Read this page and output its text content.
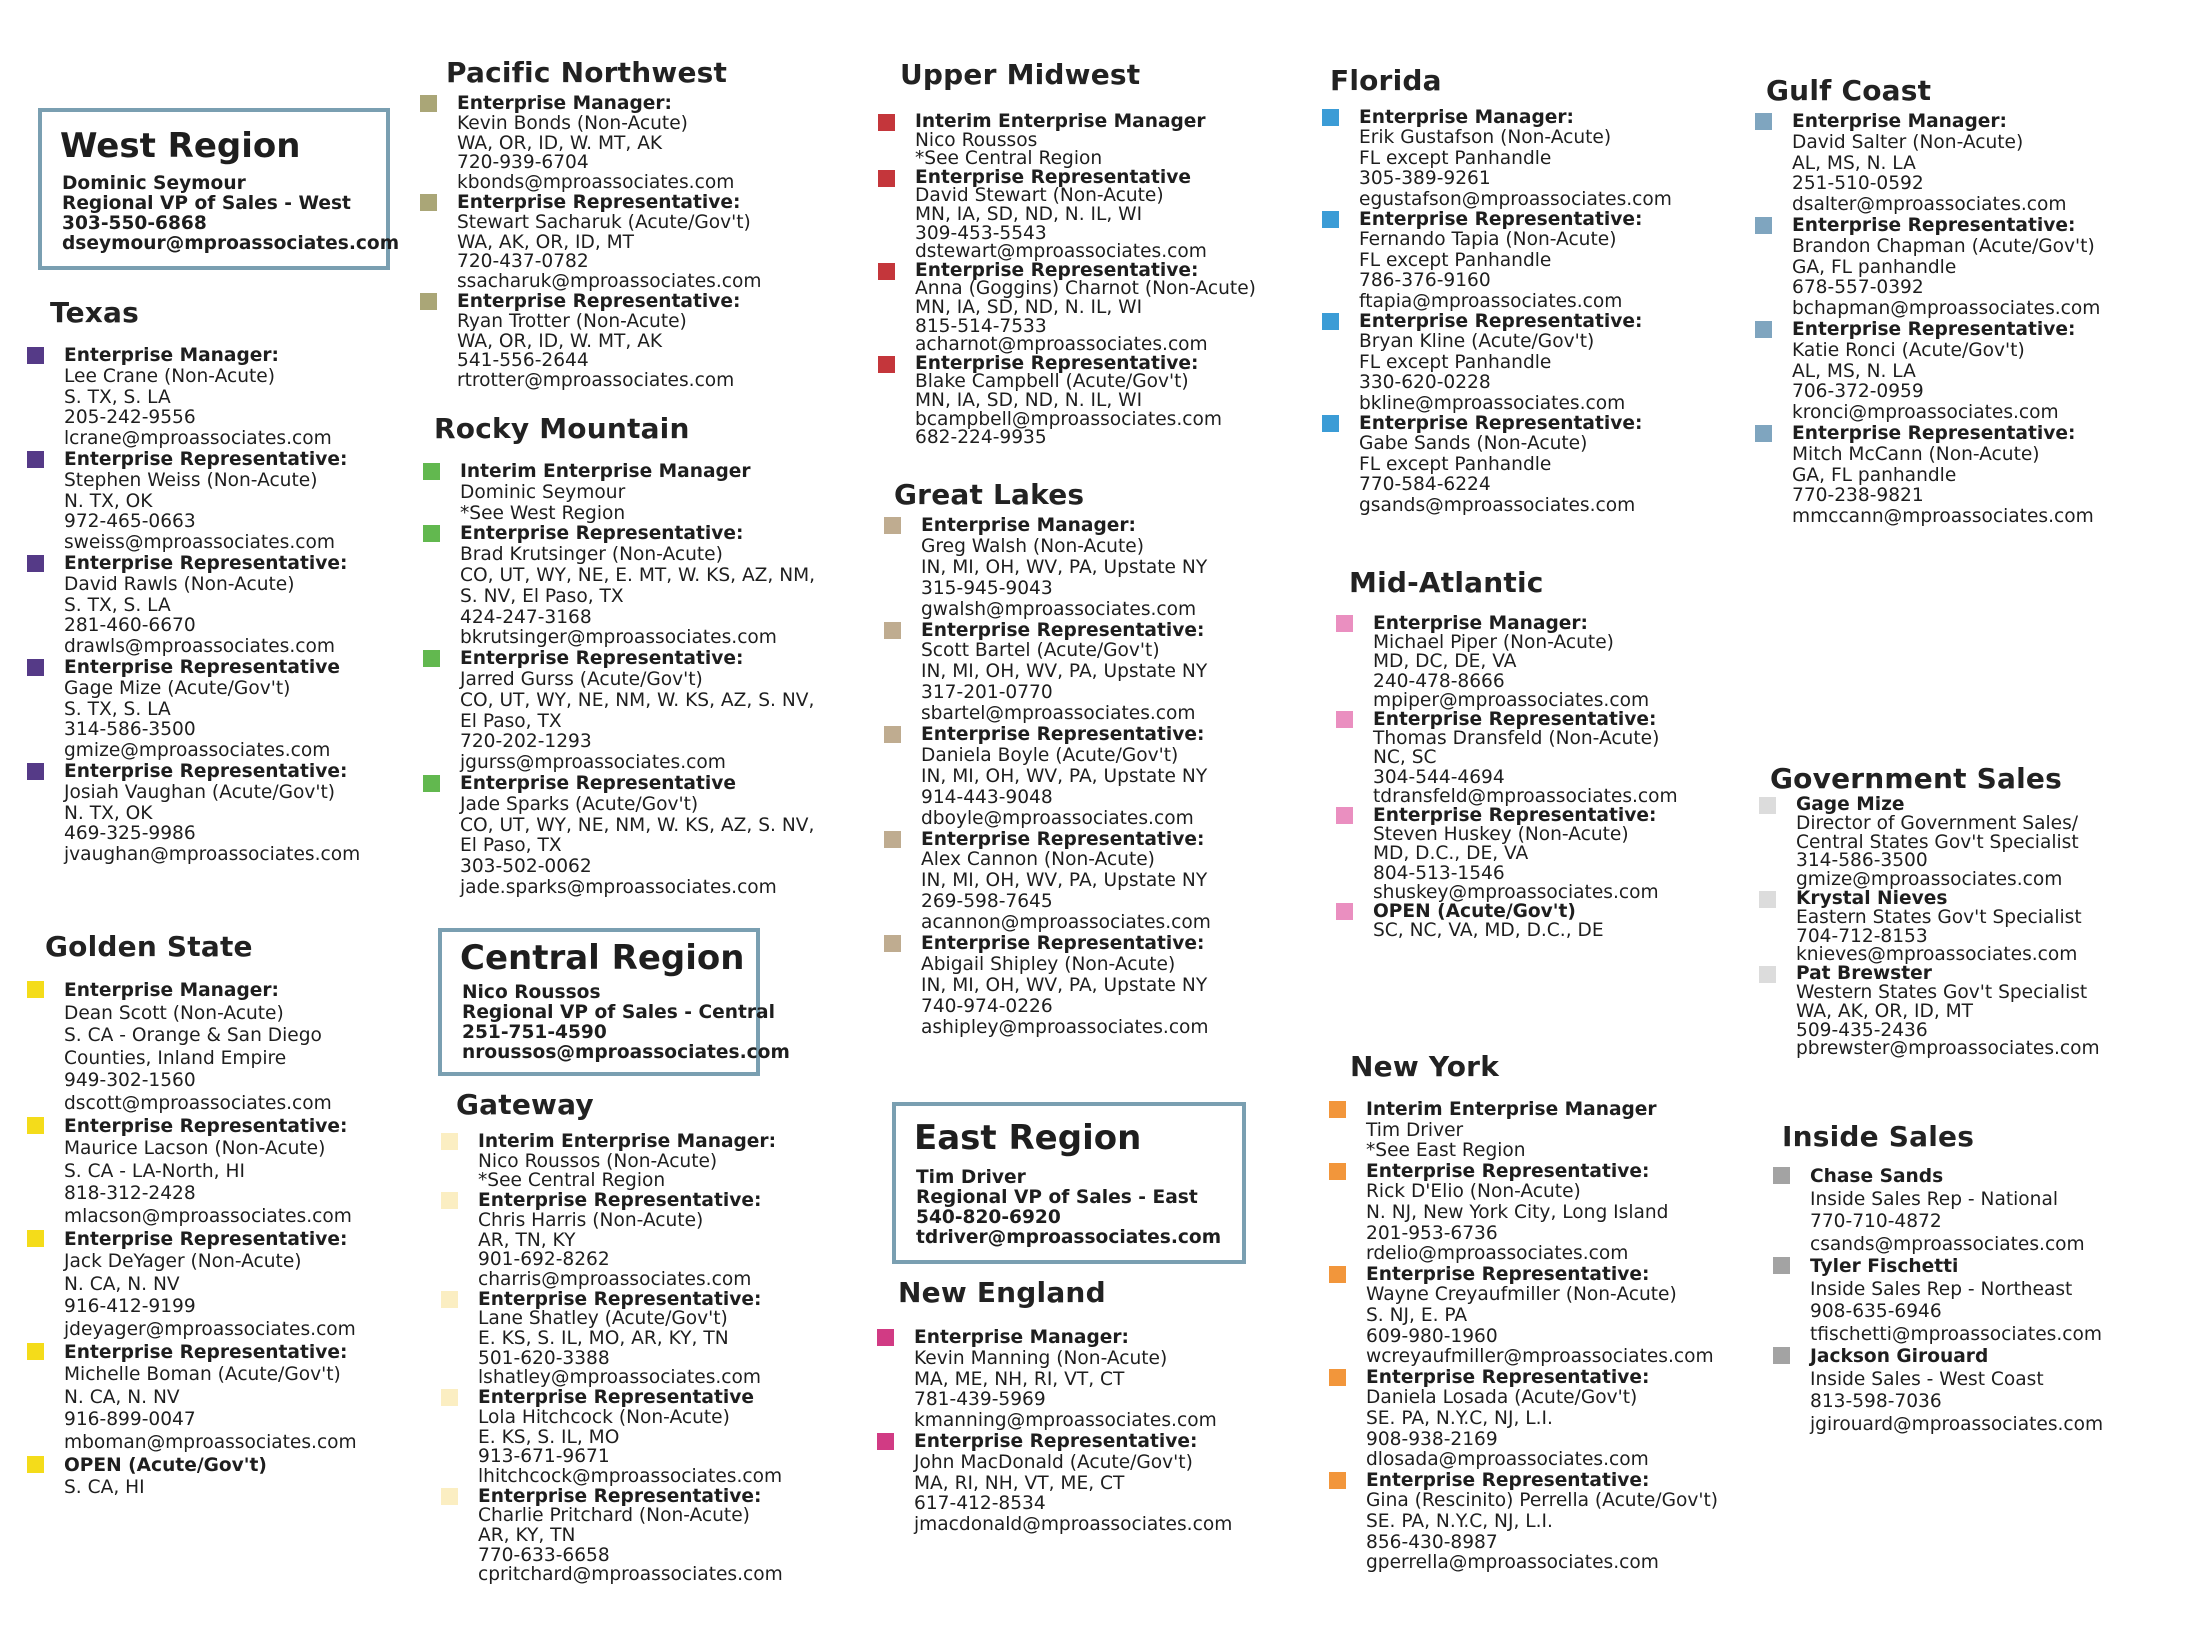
West Region
Dominic Seymour
Regional VP of Sales - West
303-550-6868
dseymour@mproassociates.com
Central Region
Nico Roussos
Regional VP of Sales - Central
251-751-4590
nroussos@mproassociates.com
East Region
Tim Driver
Regional VP of Sales - East
540-820-6920
tdriver@mproassociates.com
Texas
Enterprise Manager:
Lee Crane (Non-Acute)
S. TX, S. LA
205-242-9556
lcrane@mproassociates.com
Enterprise Representative:
Stephen Weiss (Non-Acute)
N. TX, OK
972-465-0663
sweiss@mproassociates.com
Enterprise Representative:
David Rawls (Non-Acute)
S. TX, S. LA
281-460-6670
drawls@mproassociates.com
Enterprise Representative
Gage Mize (Acute/Gov't)
S. TX, S. LA
314-586-3500
gmize@mproassociates.com
Enterprise Representative:
Josiah Vaughan (Acute/Gov't)
N. TX, OK
469-325-9986
jvaughan@mproassociates.com
Golden State
Enterprise Manager:
Dean Scott (Non-Acute)
S. CA - Orange & San Diego
Counties, Inland Empire
949-302-1560
dscott@mproassociates.com
Enterprise Representative:
Maurice Lacson (Non-Acute)
S. CA - LA-North, HI
818-312-2428
mlacson@mproassociates.com
Enterprise Representative:
Jack DeYager (Non-Acute)
N. CA, N. NV
916-412-9199
jdeyager@mproassociates.com
Enterprise Representative:
Michelle Boman (Acute/Gov't)
N. CA, N. NV
916-899-0047
mboman@mproassociates.com
OPEN (Acute/Gov't)
S. CA, HI
Pacific Northwest
Enterprise Manager:
Kevin Bonds (Non-Acute)
WA, OR, ID, W. MT, AK
720-939-6704
kbonds@mproassociates.com
Enterprise Representative:
Stewart Sacharuk (Acute/Gov't)
WA, AK, OR, ID, MT
720-437-0782
ssacharuk@mproassociates.com
Enterprise Representative:
Ryan Trotter (Non-Acute)
WA, OR, ID, W. MT, AK
541-556-2644
rtrotter@mproassociates.com
Rocky Mountain
Interim Enterprise Manager
Dominic Seymour
*See West Region
Enterprise Representative:
Brad Krutsinger (Non-Acute)
CO, UT, WY, NE, E. MT, W. KS, AZ, NM,
S. NV, El Paso, TX
424-247-3168
bkrutsinger@mproassociates.com
Enterprise Representative:
Jarred Gurss (Acute/Gov't)
CO, UT, WY, NE, NM, W. KS, AZ, S. NV,
El Paso, TX
720-202-1293
jgurss@mproassociates.com
Enterprise Representative
Jade Sparks (Acute/Gov't)
CO, UT, WY, NE, NM, W. KS, AZ, S. NV,
El Paso, TX
303-502-0062
jade.sparks@mproassociates.com
Gateway
Interim Enterprise Manager:
Nico Roussos (Non-Acute)
*See Central Region
Enterprise Representative:
Chris Harris (Non-Acute)
AR, TN, KY
901-692-8262
charris@mproassociates.com
Enterprise Representative:
Lane Shatley (Acute/Gov't)
E. KS, S. IL, MO, AR, KY, TN
501-620-3388
lshatley@mproassociates.com
Enterprise Representative
Lola Hitchcock (Non-Acute)
E. KS, S. IL, MO
913-671-9671
lhitchcock@mproassociates.com
Enterprise Representative:
Charlie Pritchard (Non-Acute)
AR, KY, TN
770-633-6658
cpritchard@mproassociates.com
Upper Midwest
Interim Enterprise Manager
Nico Roussos
*See Central Region
Enterprise Representative
David Stewart (Non-Acute)
MN, IA, SD, ND, N. IL, WI
309-453-5543
dstewart@mproassociates.com
Enterprise Representative:
Anna (Goggins) Charnot (Non-Acute)
MN, IA, SD, ND, N. IL, WI
815-514-7533
acharnot@mproassociates.com
Enterprise Representative:
Blake Campbell (Acute/Gov't)
MN, IA, SD, ND, N. IL, WI
bcampbell@mproassociates.com
682-224-9935
Great Lakes
Enterprise Manager:
Greg Walsh (Non-Acute)
IN, MI, OH, WV, PA, Upstate NY
315-945-9043
gwalsh@mproassociates.com
Enterprise Representative:
Scott Bartel (Acute/Gov't)
IN, MI, OH, WV, PA, Upstate NY
317-201-0770
sbartel@mproassociates.com
Enterprise Representative:
Daniela Boyle (Acute/Gov't)
IN, MI, OH, WV, PA, Upstate NY
914-443-9048
dboyle@mproassociates.com
Enterprise Representative:
Alex Cannon (Non-Acute)
IN, MI, OH, WV, PA, Upstate NY
269-598-7645
acannon@mproassociates.com
Enterprise Representative:
Abigail Shipley (Non-Acute)
IN, MI, OH, WV, PA, Upstate NY
740-974-0226
ashipley@mproassociates.com
New England
Enterprise Manager:
Kevin Manning (Non-Acute)
MA, ME, NH, RI, VT, CT
781-439-5969
kmanning@mproassociates.com
Enterprise Representative:
John MacDonald (Acute/Gov't)
MA, RI, NH, VT, ME, CT
617-412-8534
jmacdonald@mproassociates.com
Florida
Enterprise Manager:
Erik Gustafson (Non-Acute)
FL except Panhandle
305-389-9261
egustafson@mproassociates.com
Enterprise Representative:
Fernando Tapia (Non-Acute)
FL except Panhandle
786-376-9160
ftapia@mproassociates.com
Enterprise Representative:
Bryan Kline (Acute/Gov't)
FL except Panhandle
330-620-0228
bkline@mproassociates.com
Enterprise Representative:
Gabe Sands (Non-Acute)
FL except Panhandle
770-584-6224
gsands@mproassociates.com
Mid-Atlantic
Enterprise Manager:
Michael Piper (Non-Acute)
MD, DC, DE, VA
240-478-8666
mpiper@mproassociates.com
Enterprise Representative:
Thomas Dransfeld (Non-Acute)
NC, SC
304-544-4694
tdransfeld@mproassociates.com
Enterprise Representative:
Steven Huskey (Non-Acute)
MD, D.C., DE, VA
804-513-1546
shuskey@mproassociates.com
OPEN (Acute/Gov't)
SC, NC, VA, MD, D.C., DE
New York
Interim Enterprise Manager
Tim Driver
*See East Region
Enterprise Representative:
Rick D'Elio (Non-Acute)
N. NJ, New York City, Long Island
201-953-6736
rdelio@mproassociates.com
Enterprise Representative:
Wayne Creyaufmiller (Non-Acute)
S. NJ, E. PA
609-980-1960
wcreyaufmiller@mproassociates.com
Enterprise Representative:
Daniela Losada (Acute/Gov't)
SE. PA, N.Y.C, NJ, L.I.
908-938-2169
dlosada@mproassociates.com
Enterprise Representative:
Gina (Rescinito) Perrella (Acute/Gov't)
SE. PA, N.Y.C, NJ, L.I.
856-430-8987
gperrella@mproassociates.com
Gulf Coast
Enterprise Manager:
David Salter (Non-Acute)
AL, MS, N. LA
251-510-0592
dsalter@mproassociates.com
Enterprise Representative:
Brandon Chapman (Acute/Gov't)
GA, FL panhandle
678-557-0392
bchapman@mproassociates.com
Enterprise Representative:
Katie Ronci (Acute/Gov't)
AL, MS, N. LA
706-372-0959
kronci@mproassociates.com
Enterprise Representative:
Mitch McCann (Non-Acute)
GA, FL panhandle
770-238-9821
mmccann@mproassociates.com
Government Sales
Gage Mize
Director of Government Sales/
Central States Gov't Specialist
314-586-3500
gmize@mproassociates.com
Krystal Nieves
Eastern States Gov't Specialist
704-712-8153
knieves@mproassociates.com
Pat Brewster
Western States Gov't Specialist
WA, AK, OR, ID, MT
509-435-2436
pbrewster@mproassociates.com
Inside Sales
Chase Sands
Inside Sales Rep - National
770-710-4872
csands@mproassociates.com
Tyler Fischetti
Inside Sales Rep - Northeast
908-635-6946
tfischetti@mproassociates.com
Jackson Girouard
Inside Sales - West Coast
813-598-7036
jgirouard@mproassociates.com
